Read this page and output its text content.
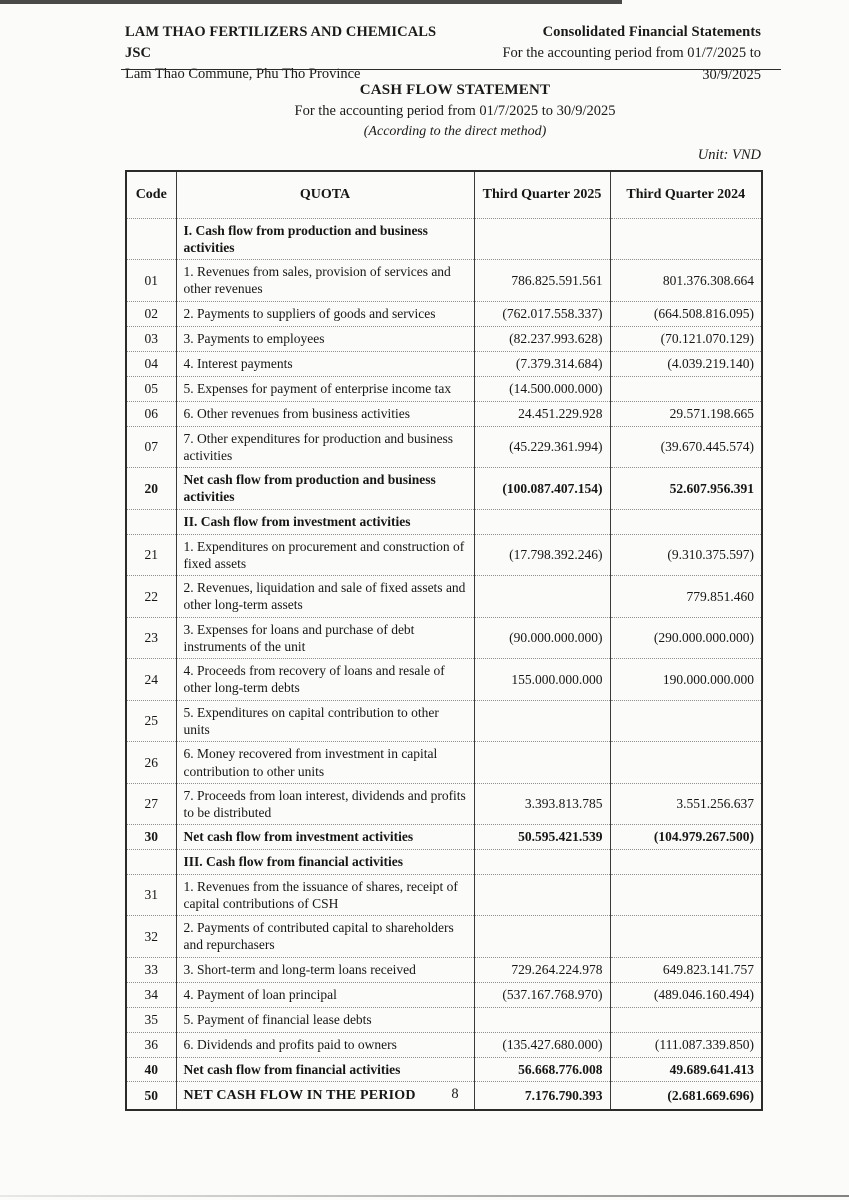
LAM THAO FERTILIZERS AND CHEMICALS JSC
Lam Thao Commune, Phu Tho Province
Consolidated Financial Statements
For the accounting period from 01/7/2025 to 30/9/2025
CASH FLOW STATEMENT
For the accounting period from 01/7/2025 to 30/9/2025
(According to the direct method)
Unit: VND
Code	QUOTA	Third Quarter 2025	Third Quarter 2024
	I. Cash flow from production and business activities		
01	1. Revenues from sales, provision of services and other revenues	786.825.591.561	801.376.308.664
02	2. Payments to suppliers of goods and services	(762.017.558.337)	(664.508.816.095)
03	3. Payments to employees	(82.237.993.628)	(70.121.070.129)
04	4. Interest payments	(7.379.314.684)	(4.039.219.140)
05	5. Expenses for payment of enterprise income tax	(14.500.000.000)	
06	6. Other revenues from business activities	24.451.229.928	29.571.198.665
07	7. Other expenditures for production and business activities	(45.229.361.994)	(39.670.445.574)
20	Net cash flow from production and business activities	(100.087.407.154)	52.607.956.391
	II. Cash flow from investment activities		
21	1. Expenditures on procurement and construction of fixed assets	(17.798.392.246)	(9.310.375.597)
22	2. Revenues, liquidation and sale of fixed assets and other long-term assets		779.851.460
23	3. Expenses for loans and purchase of debt instruments of the unit	(90.000.000.000)	(290.000.000.000)
24	4. Proceeds from recovery of loans and resale of other long-term debts	155.000.000.000	190.000.000.000
25	5. Expenditures on capital contribution to other units		
26	6. Money recovered from investment in capital contribution to other units		
27	7. Proceeds from loan interest, dividends and profits to be distributed	3.393.813.785	3.551.256.637
30	Net cash flow from investment activities	50.595.421.539	(104.979.267.500)
	III. Cash flow from financial activities		
31	1. Revenues from the issuance of shares, receipt of capital contributions of CSH		
32	2. Payments of contributed capital to shareholders and repurchasers		
33	3. Short-term and long-term loans received	729.264.224.978	649.823.141.757
34	4. Payment of loan principal	(537.167.768.970)	(489.046.160.494)
35	5. Payment of financial lease debts		
36	6. Dividends and profits paid to owners	(135.427.680.000)	(111.087.339.850)
40	Net cash flow from financial activities	56.668.776.008	49.689.641.413
50	NET CASH FLOW IN THE PERIOD	7.176.790.393	(2.681.669.696)
8
